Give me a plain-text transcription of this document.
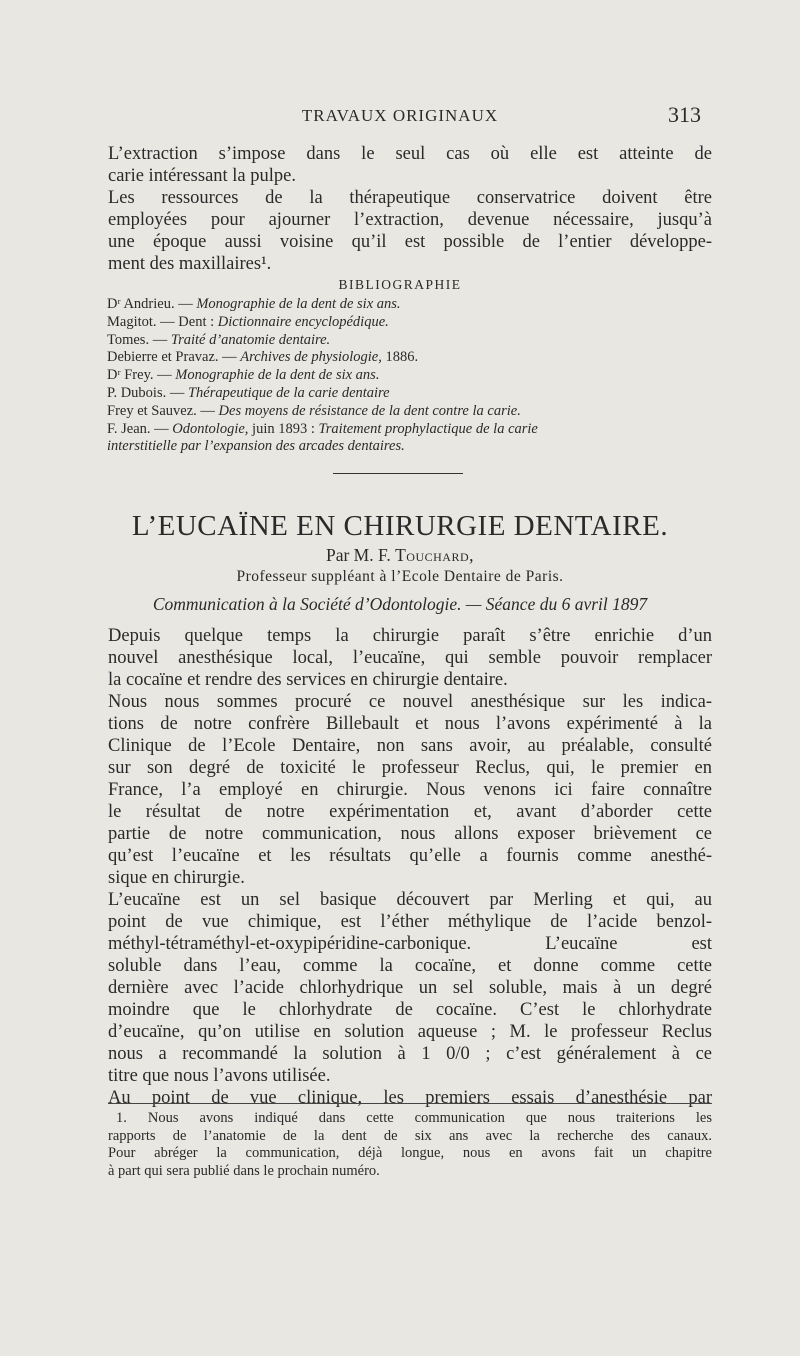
TRAVAUX ORIGINAUX	313

L’extraction s’impose dans le seul cas où elle est atteinte de
carie intéressant la pulpe.

Les ressources de la thérapeutique conservatrice doivent être
employées pour ajourner l’extraction, devenue nécessaire, jusqu’à
une époque aussi voisine qu’il est possible de l’entier développe-
ment des maxillaires¹.

BIBLIOGRAPHIE
Dʳ Andrieu. — Monographie de la dent de six ans.
Magitot. — Dent : Dictionnaire encyclopédique.
Tomes. — Traité d’anatomie dentaire.
Debierre et Pravaz. — Archives de physiologie, 1886.
Dʳ Frey. — Monographie de la dent de six ans.
P. Dubois. — Thérapeutique de la carie dentaire
Frey et Sauvez. — Des moyens de résistance de la dent contre la carie.
F. Jean. — Odontologie, juin 1893 : Traitement prophylactique de la carie
interstitielle par l’expansion des arcades dentaires.
L’EUCAÏNE EN CHIRURGIE DENTAIRE.
Par M. F. Touchard,
Professeur suppléant à l’Ecole Dentaire de Paris.
Communication à la Société d’Odontologie. — Séance du 6 avril 1897

Depuis quelque temps la chirurgie paraît s’être enrichie d’un
nouvel anesthésique local, l’eucaïne, qui semble pouvoir remplacer
la cocaïne et rendre des services en chirurgie dentaire.

Nous nous sommes procuré ce nouvel anesthésique sur les indica-
tions de notre confrère Billebault et nous l’avons expérimenté à la
Clinique de l’Ecole Dentaire, non sans avoir, au préalable, consulté
sur son degré de toxicité le professeur Reclus, qui, le premier en
France, l’a employé en chirurgie. Nous venons ici faire connaître
le résultat de notre expérimentation et, avant d’aborder cette
partie de notre communication, nous allons exposer brièvement ce
qu’est l’eucaïne et les résultats qu’elle a fournis comme anesthé-
sique en chirurgie.

L’eucaïne est un sel basique découvert par Merling et qui, au
point de vue chimique, est l’éther méthylique de l’acide benzol-
méthyl-tétraméthyl-et-oxypipéridine-carbonique. L’eucaïne est
soluble dans l’eau, comme la cocaïne, et donne comme cette
dernière avec l’acide chlorhydrique un sel soluble, mais à un degré
moindre que le chlorhydrate de cocaïne. C’est le chlorhydrate
d’eucaïne, qu’on utilise en solution aqueuse ; M. le professeur Reclus
nous a recommandé la solution à 1 0/0 ; c’est généralement à ce
titre que nous l’avons utilisée.

Au point de vue clinique, les premiers essais d’anesthésie par

1. Nous avons indiqué dans cette communication que nous traiterions les
rapports de l’anatomie de la dent de six ans avec la recherche des canaux.
Pour abréger la communication, déjà longue, nous en avons fait un chapitre
à part qui sera publié dans le prochain numéro.
